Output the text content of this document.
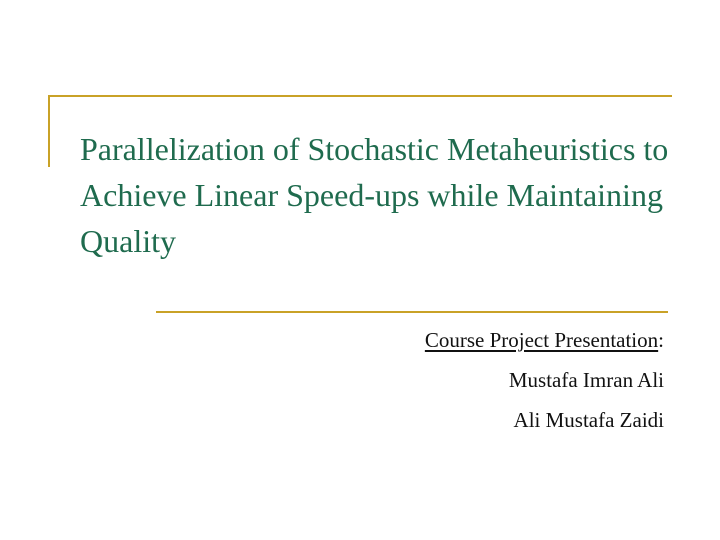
Parallelization of Stochastic Metaheuristics to Achieve Linear Speed-ups while Maintaining Quality
Course Project Presentation:
Mustafa Imran Ali
Ali Mustafa Zaidi
